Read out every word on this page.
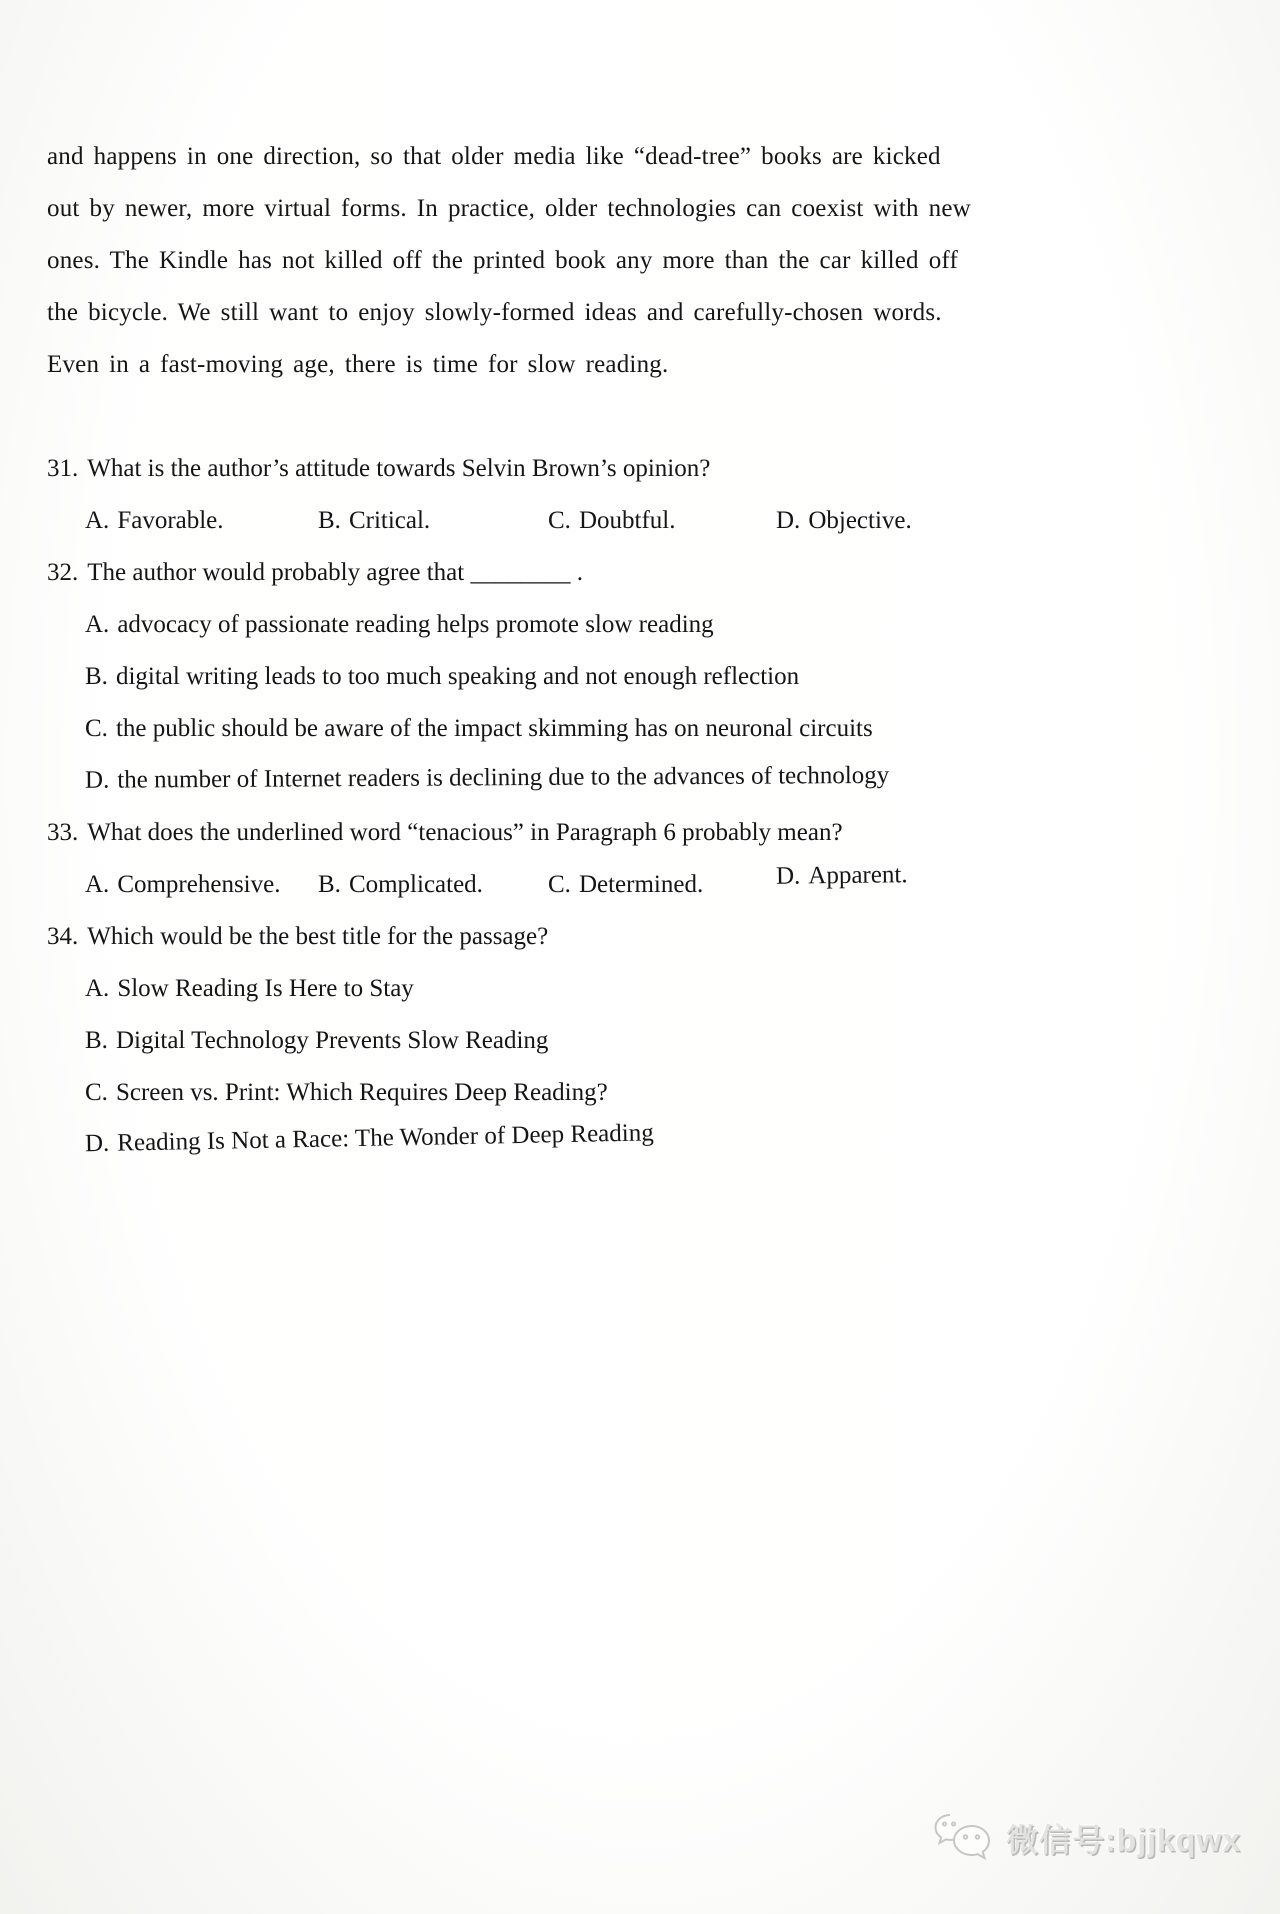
and happens in one direction, so that older media like “dead-tree” books are kicked
out by newer, more virtual forms. In practice, older technologies can coexist with new
ones. The Kindle has not killed off the printed book any more than the car killed off
the bicycle. We still want to enjoy slowly-formed ideas and carefully-chosen words.
Even in a fast-moving age, there is time for slow reading.
31. What is the author’s attitude towards Selvin Brown’s opinion?
A. Favorable.	B. Critical.	C. Doubtful.	D. Objective.
32. The author would probably agree that ________ .
A. advocacy of passionate reading helps promote slow reading
B. digital writing leads to too much speaking and not enough reflection
C. the public should be aware of the impact skimming has on neuronal circuits
D. the number of Internet readers is declining due to the advances of technology
33. What does the underlined word “tenacious” in Paragraph 6 probably mean?
A. Comprehensive. B. Complicated.	C. Determined.	D. Apparent.
34. Which would be the best title for the passage?
A. Slow Reading Is Here to Stay
B. Digital Technology Prevents Slow Reading
C. Screen vs. Print: Which Requires Deep Reading?
D. Reading Is Not a Race: The Wonder of Deep Reading
微信号:bjjkqwx
